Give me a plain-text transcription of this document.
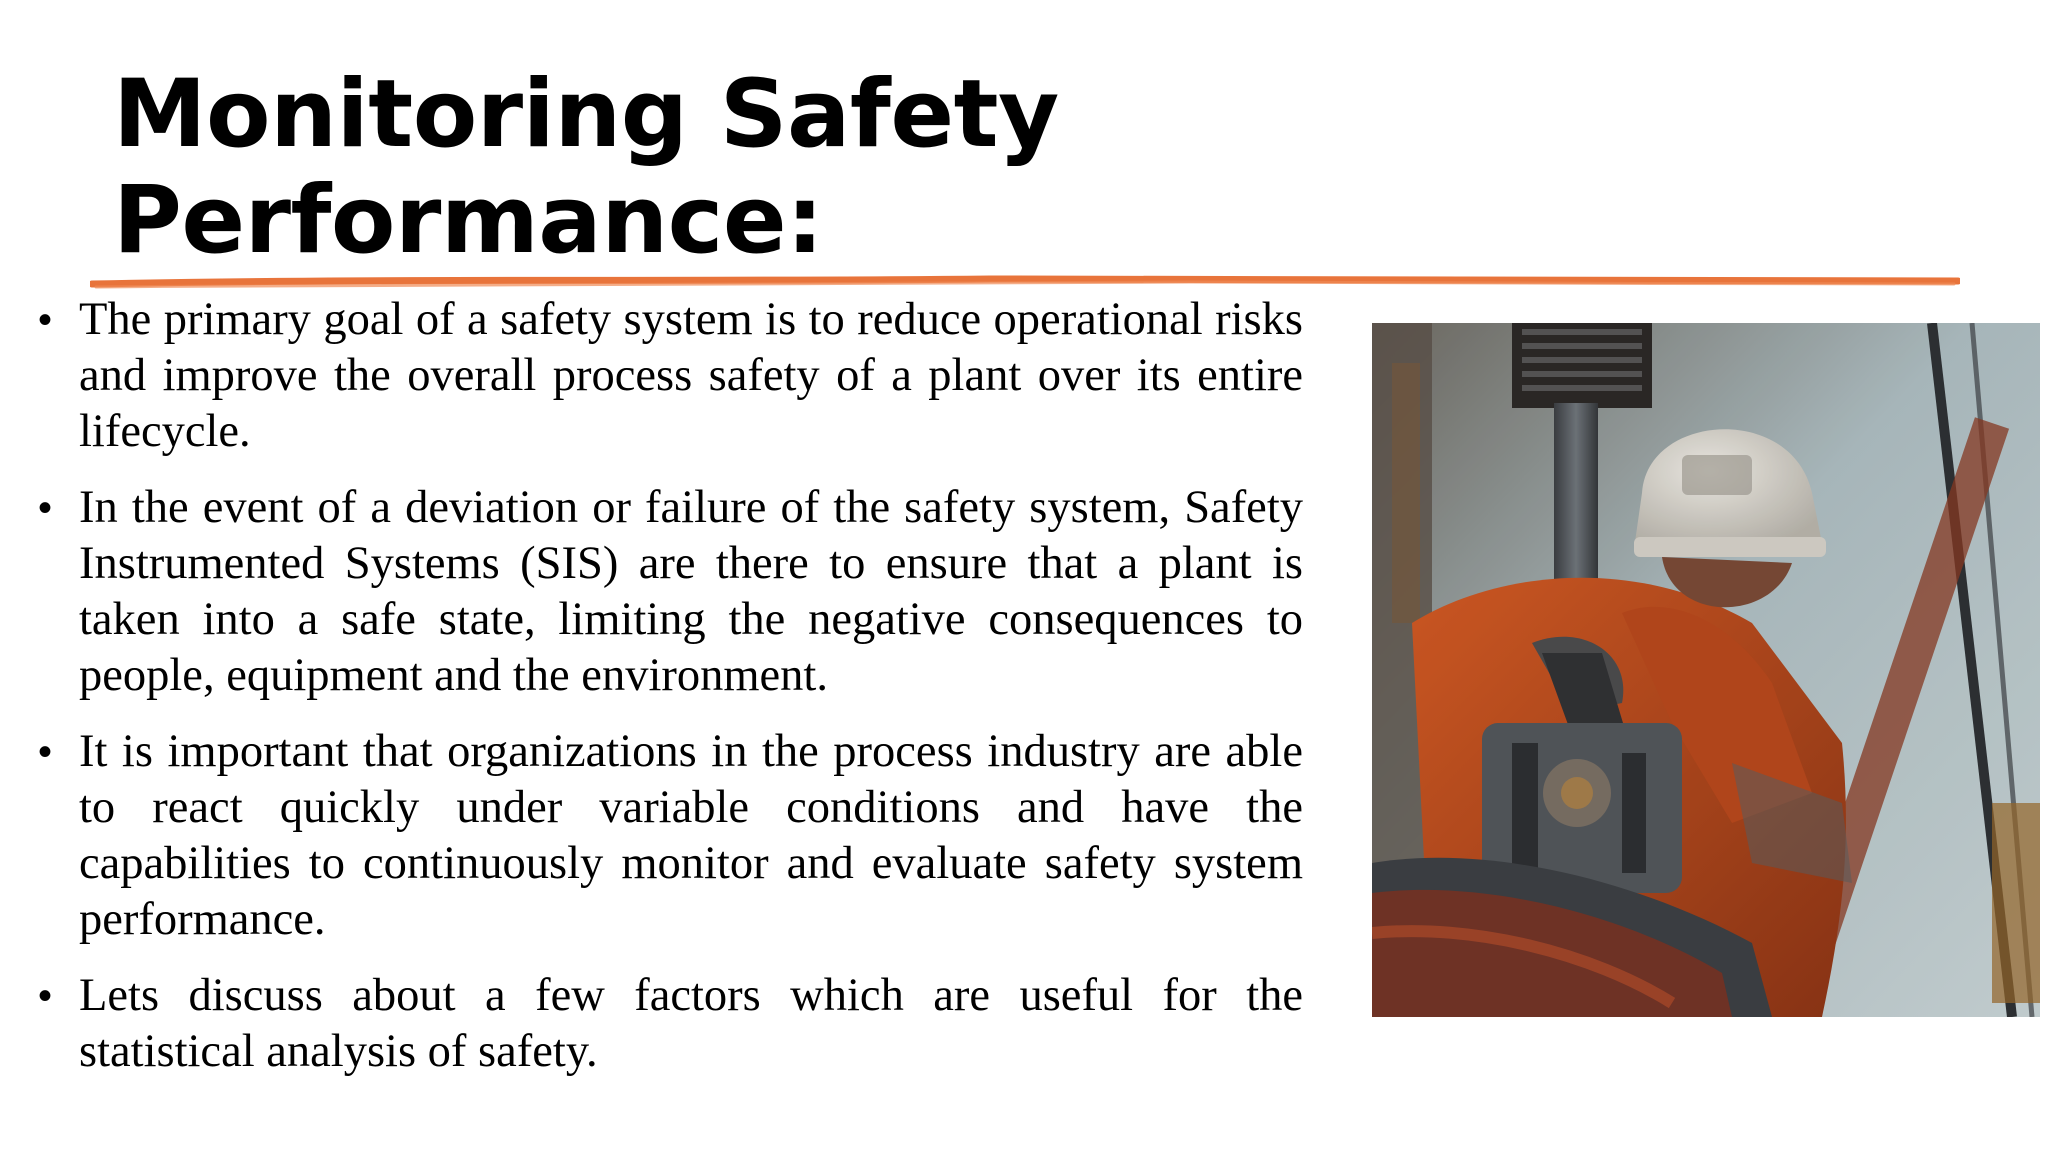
Monitoring Safety
Performance:
• The primary goal of a safety system is to reduce operational risks and improve the overall process safety of a plant over its entire lifecycle.
• In the event of a deviation or failure of the safety system, Safety Instrumented Systems (SIS) are there to ensure that a plant is taken into a safe state, limiting the negative consequences to people, equipment and the environment.
• It is important that organizations in the process industry are able to react quickly under variable conditions and have the capabilities to continuously monitor and evaluate safety system performance.
• Lets discuss about a few factors which are useful for the statistical analysis of safety.
